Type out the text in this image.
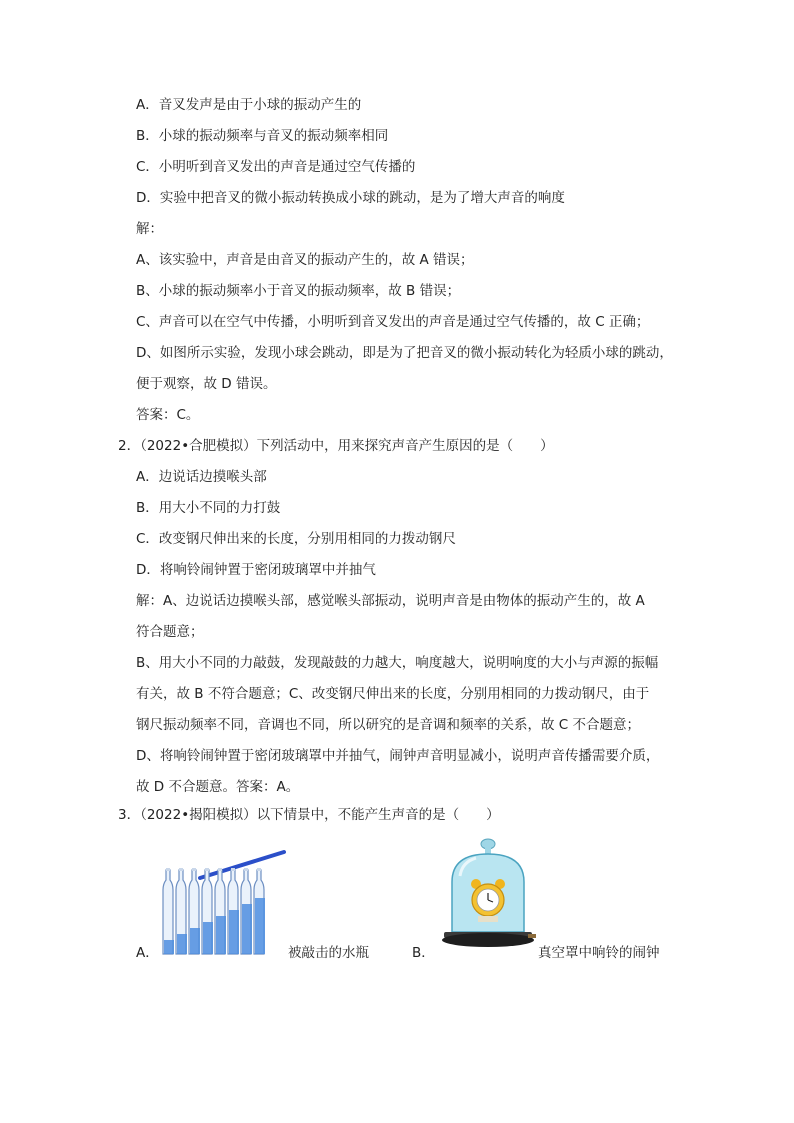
A．音叉发声是由于小球的振动产生的
B．小球的振动频率与音叉的振动频率相同
C．小明听到音叉发出的声音是通过空气传播的
D．实验中把音叉的微小振动转换成小球的跳动，是为了增大声音的响度
解：
A、该实验中，声音是由音叉的振动产生的，故 A 错误；
B、小球的振动频率小于音叉的振动频率，故 B 错误；
C、声音可以在空气中传播，小明听到音叉发出的声音是通过空气传播的，故 C 正确；
D、如图所示实验，发现小球会跳动，即是为了把音叉的微小振动转化为轻质小球的跳动，
便于观察，故 D 错误。
答案：C。
2．（2022•合肥模拟）下列活动中，用来探究声音产生原因的是（　　）
A．边说话边摸喉头部
B．用大小不同的力打鼓
C．改变钢尺伸出来的长度，分别用相同的力拨动钢尺
D．将响铃闹钟置于密闭玻璃罩中并抽气
解：A、边说话边摸喉头部，感觉喉头部振动，说明声音是由物体的振动产生的，故 A
符合题意；
B、用大小不同的力敲鼓，发现敲鼓的力越大，响度越大，说明响度的大小与声源的振幅
有关，故 B 不符合题意；C、改变钢尺伸出来的长度，分别用相同的力拨动钢尺，由于
钢尺振动频率不同，音调也不同，所以研究的是音调和频率的关系，故 C 不合题意；
D、将响铃闹钟置于密闭玻璃罩中并抽气，闹钟声音明显减小，说明声音传播需要介质，
故 D 不合题意。答案：A。
3．（2022•揭阳模拟）以下情景中，不能产生声音的是（　　）
A．	被敲击的水瓶	B．	真空罩中响铃的闹钟
